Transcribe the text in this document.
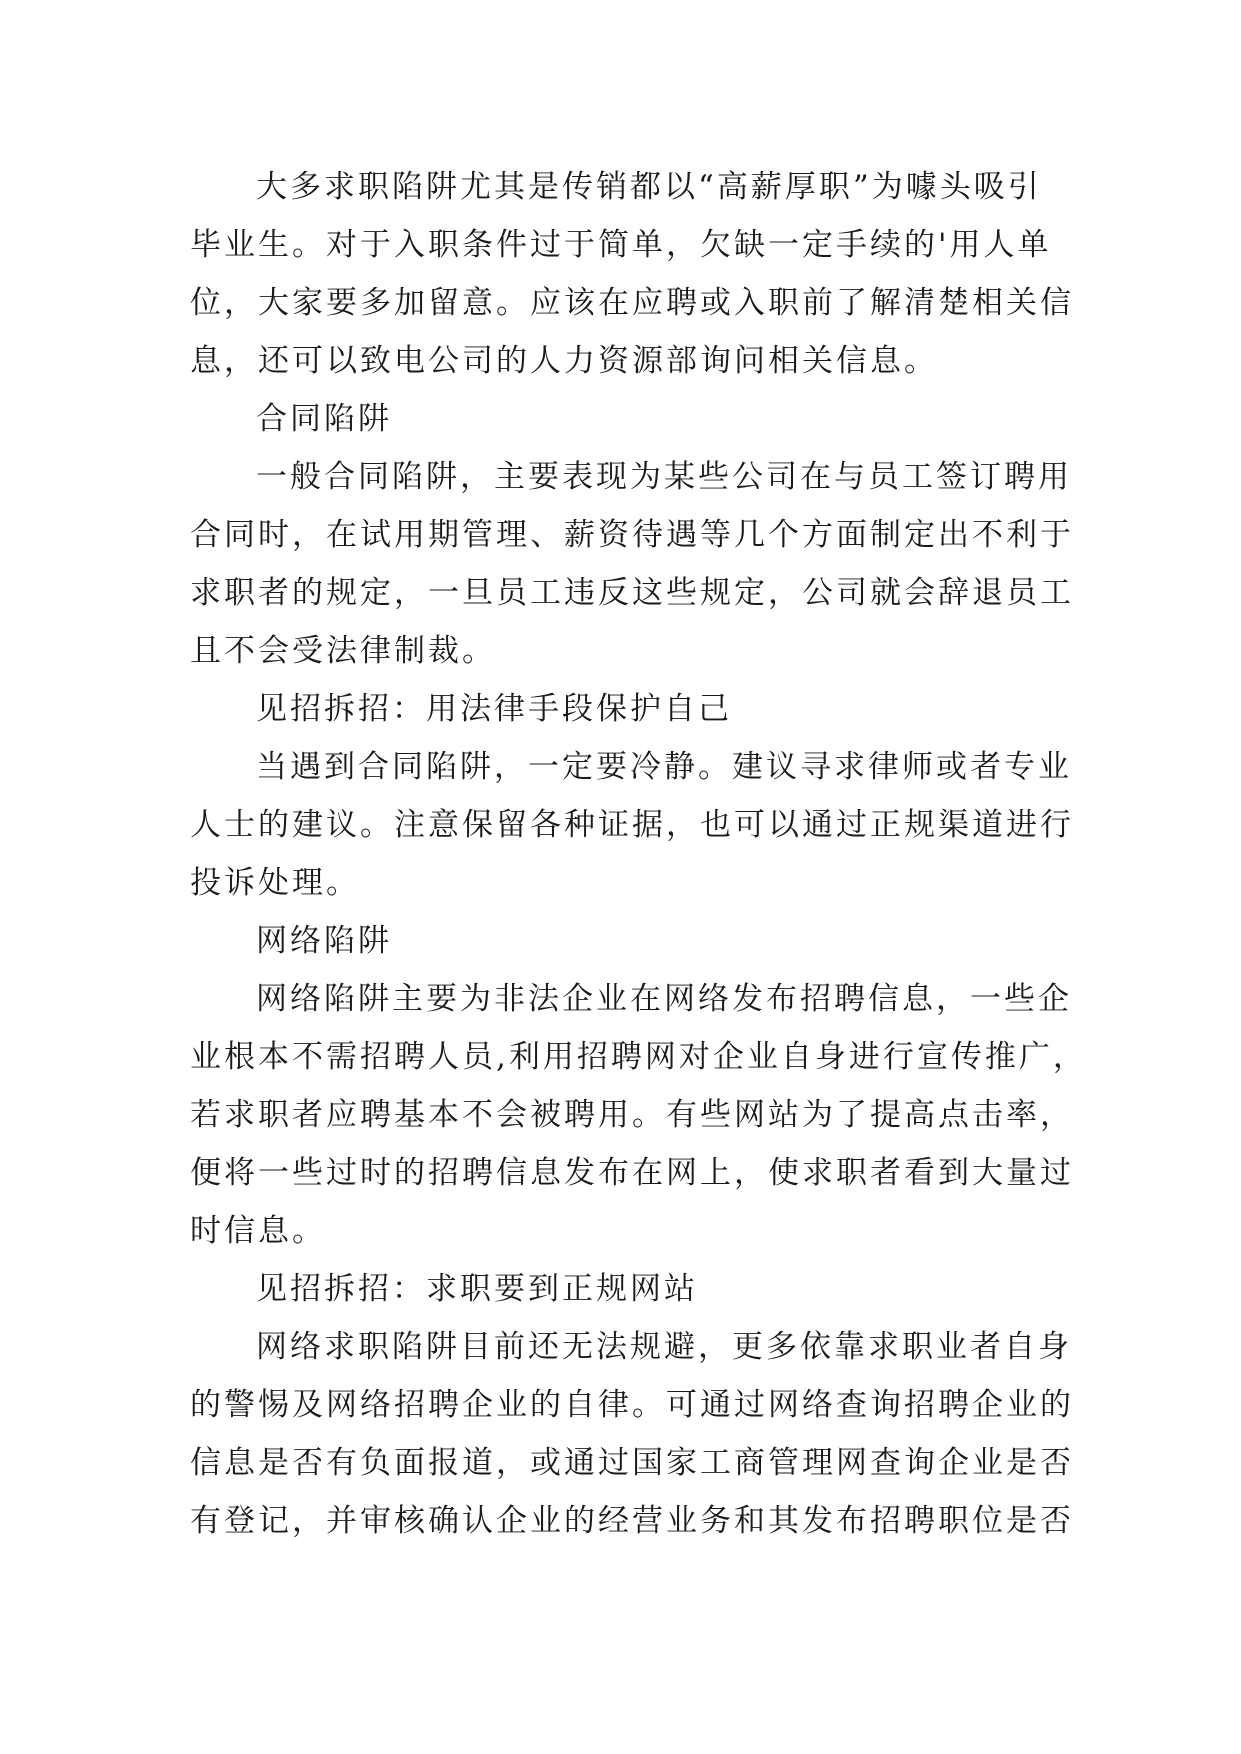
大多求职陷阱尤其是传销都以“高薪厚职”为噱头吸引
毕业生。对于入职条件过于简单，欠缺一定手续的'用人单
位，大家要多加留意。应该在应聘或入职前了解清楚相关信
息，还可以致电公司的人力资源部询问相关信息。
合同陷阱
一般合同陷阱，主要表现为某些公司在与员工签订聘用
合同时，在试用期管理、薪资待遇等几个方面制定出不利于
求职者的规定，一旦员工违反这些规定，公司就会辞退员工
且不会受法律制裁。
见招拆招：用法律手段保护自己
当遇到合同陷阱，一定要冷静。建议寻求律师或者专业
人士的建议。注意保留各种证据，也可以通过正规渠道进行
投诉处理。
网络陷阱
网络陷阱主要为非法企业在网络发布招聘信息，一些企
业根本不需招聘人员,利用招聘网对企业自身进行宣传推广，
若求职者应聘基本不会被聘用。有些网站为了提高点击率，
便将一些过时的招聘信息发布在网上，使求职者看到大量过
时信息。
见招拆招：求职要到正规网站
网络求职陷阱目前还无法规避，更多依靠求职业者自身
的警惕及网络招聘企业的自律。可通过网络查询招聘企业的
信息是否有负面报道，或通过国家工商管理网查询企业是否
有登记，并审核确认企业的经营业务和其发布招聘职位是否
